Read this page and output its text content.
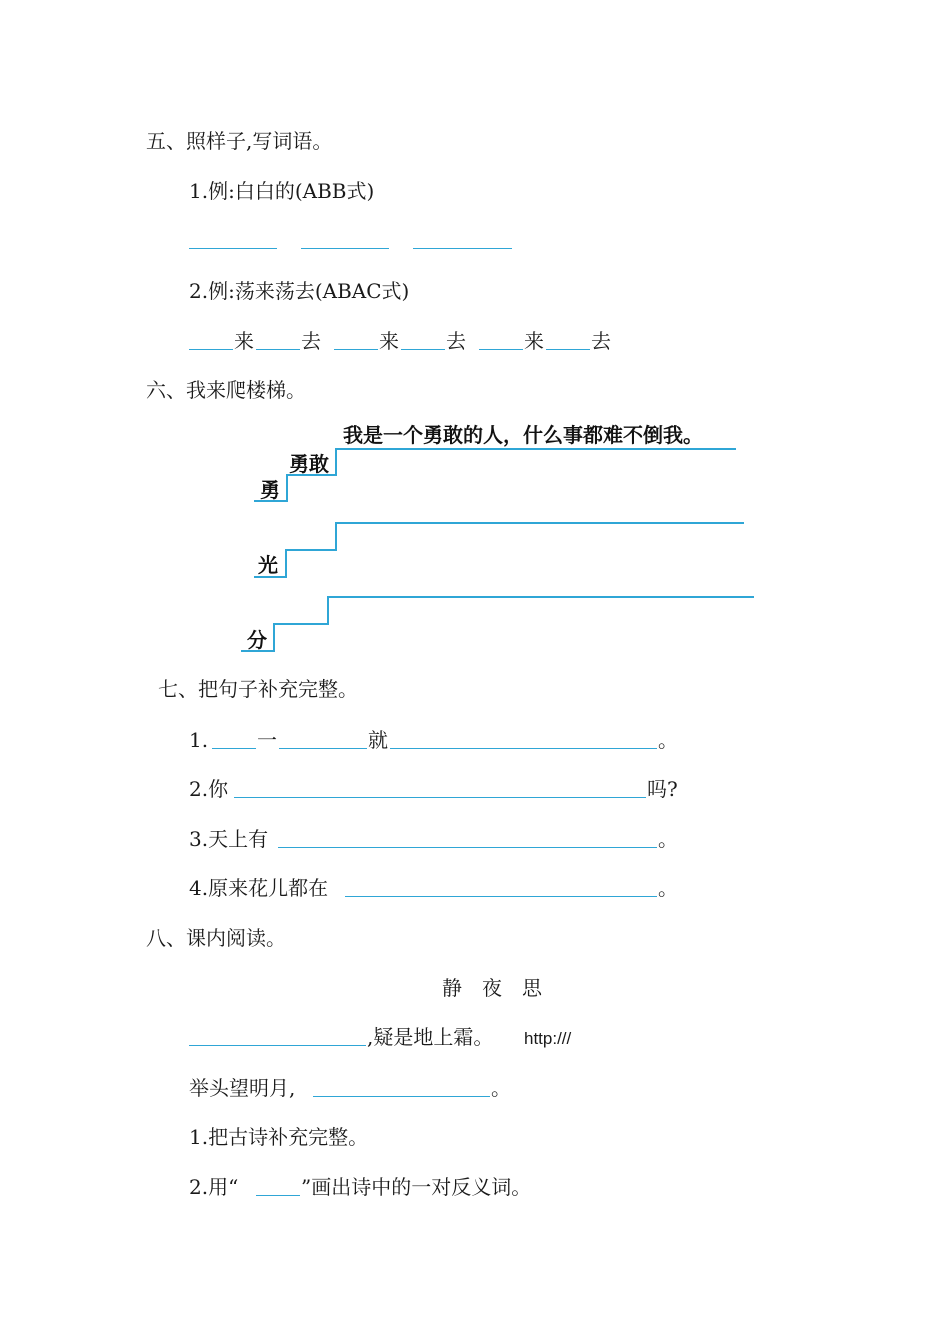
五、照样子,写词语。
1.例:白白的(ABB式)
2.例:荡来荡去(ABAC式)
来 去	来 去	来 去
六、我来爬楼梯。
我是一个勇敢的人，什么事都难不倒我。
勇敢
勇
光
分
七、把句子补充完整。
1. 一	就	。
2.你	吗?
3.天上有	。
4.原来花儿都在	。
八、课内阅读。
静　夜　思
,疑是地上霜。 http:///
举头望明月,	。
1.把古诗补充完整。
2.用“	”画出诗中的一对反义词。
